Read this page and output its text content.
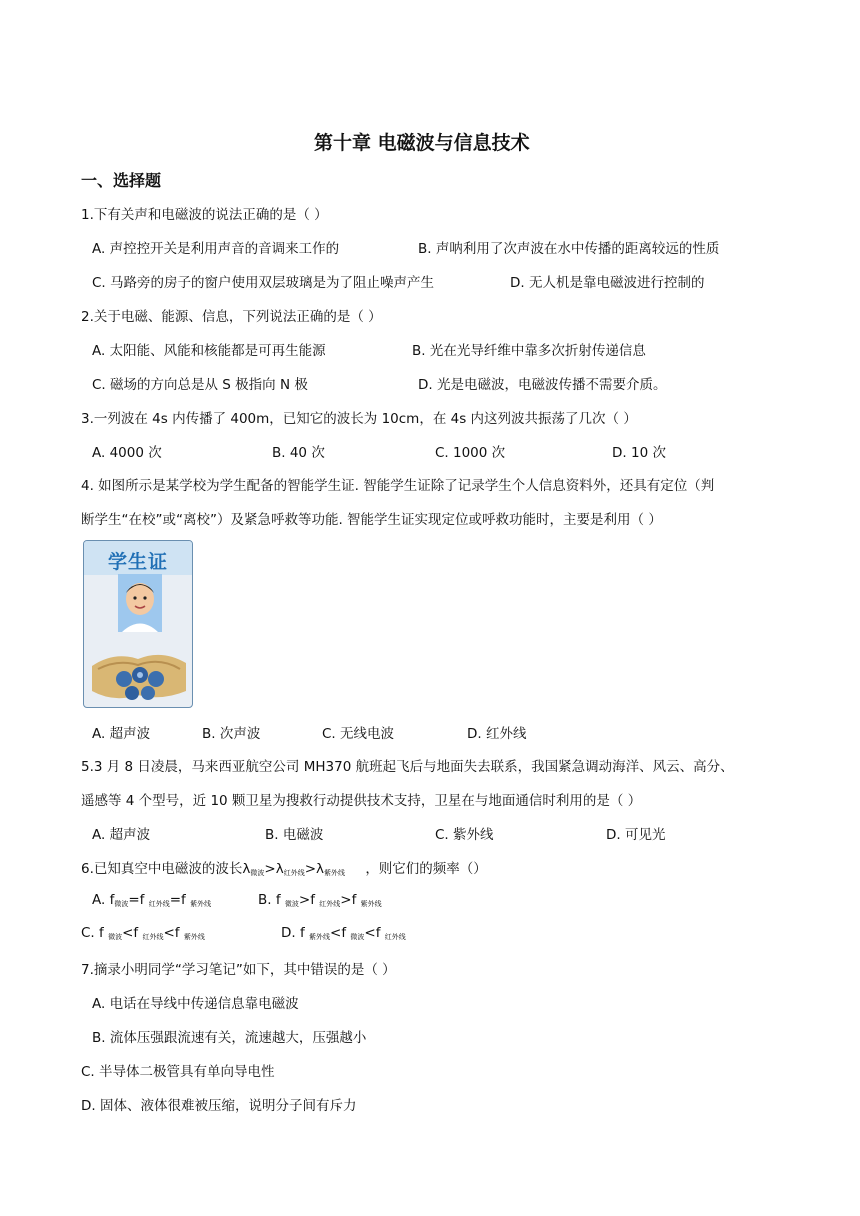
第十章 电磁波与信息技术
一、选择题
1.下有关声和电磁波的说法正确的是（ ）
A. 声控控开关是利用声音的音调来工作的	B. 声呐利用了次声波在水中传播的距离较远的性质
C. 马路旁的房子的窗户使用双层玻璃是为了阻止噪声产生	D. 无人机是靠电磁波进行控制的
2.关于电磁、能源、信息，下列说法正确的是（ ）
A. 太阳能、风能和核能都是可再生能源	B. 光在光导纤维中靠多次折射传递信息
C. 磁场的方向总是从 S 极指向 N 极	D. 光是电磁波，电磁波传播不需要介质。
3.一列波在 4s 内传播了 400m，已知它的波长为 10cm，在 4s 内这列波共振荡了几次（ ）
A. 4000 次	B. 40 次	C. 1000 次	D. 10 次
4. 如图所示是某学校为学生配备的智能学生证. 智能学生证除了记录学生个人信息资料外，还具有定位（判
断学生“在校”或“离校”）及紧急呼救等功能. 智能学生证实现定位或呼救功能时，主要是利用（ ）
学生证
A. 超声波	B. 次声波	C. 无线电波	D. 红外线
5.3 月 8 日凌晨，马来西亚航空公司 MH370 航班起飞后与地面失去联系，我国紧急调动海洋、风云、高分、
遥感等 4 个型号，近 10 颗卫星为搜救行动提供技术支持，卫星在与地面通信时利用的是（ ）
A. 超声波	B. 电磁波	C. 紫外线	D. 可见光
6.已知真空中电磁波的波长$\lambda_{微波}>\lambda_{红外线}>\lambda_{紫外线}$ ，则它们的频率（）
A. $f_{微波}=f$ $_{红外线}$=f $_{紫外线}$	B. f $_{微波}$>f $_{红外线}$>f $_{紫外线}$
C. f $_{微波}$<f $_{红外线}$<f $_{紫外线}$	D. f $_{紫外线}$<f $_{微波}$<f $_{红外线}$
7.摘录小明同学“学习笔记”如下，其中错误的是（ ）
A. 电话在导线中传递信息靠电磁波
B. 流体压强跟流速有关，流速越大，压强越小
C. 半导体二极管具有单向导电性
D. 固体、液体很难被压缩，说明分子间有斥力
